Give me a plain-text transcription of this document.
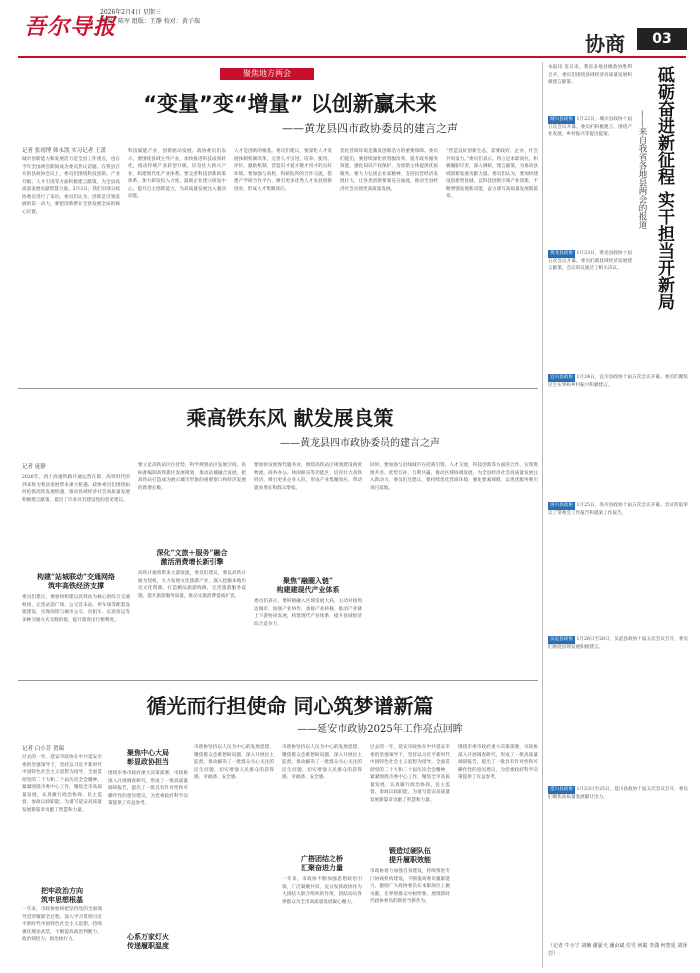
吾尔导报
2026年2月4日 星期三
责编：陈军 组版：王静 校对：黄子瑞
协商	03
聚焦地方两会
“变量”变“增量” 以创新赢未来
——黄龙县四市政协委员的建言之声
记者 张靖博 韩永凯 实习记者 王蔷
城市创新能力和发展活力是全县工作重点，也在今年全国两会期间成为委员热议话题。在我县召开的县政协会议上，委员们围绕科技创新、产业升级、人才引进等方面积极建言献策，为全县高质量发展贡献智慧力量。2月3日，我们对部分政协委员进行了采访。委员们认为，创新是引领发展的第一动力，要把创新摆在全县发展全局的核心位置。
科技赋能产业，创新驱动发展。政协委员们表示，要围绕县域主导产业，加快推进科技成果转化，推动传统产业转型升级，培育壮大新兴产业，构建现代化产业体系。要完善科技创新政策体系，加大研发投入力度，鼓励企业建立研发中心，提升自主创新能力，为高质量发展注入强劲动能。
人才是创新的根基。委员们建议，要深化人才发展体制机制改革，完善人才引进、培养、使用、评价、激励机制，营造识才爱才敬才用才的良好环境。要加强与高校、科研院所的合作交流，搭建产学研合作平台，吸引更多优秀人才来县创新创业，形成人才集聚效应。
优化营商环境是激发创新活力的重要保障。委员们提出，要持续深化放管服改革，提升政务服务效能，强化知识产权保护，为创新主体提供优质服务。要大力弘扬企业家精神，支持民营经济发展壮大，让各类创新要素充分涌流，推动全县经济社会实现更高质量发展。
“营造良好创新生态，需要政府、企业、社会共同发力。”委员们表示，将立足本职岗位，积极履职尽责，深入调研，建言献策，为推动县域创新发展贡献力量。委员们认为，要加快建设创新型县城，以科技创新引领产业创新，不断增强发展新动能，奋力谱写高质量发展新篇章。
乘高铁东风 献发展良策
——黄龙县四市政协委员的建言之声
记者 庞静
2026年，西十高速铁路开通运营在即，高铁时代的到来将为我县发展带来重大机遇。政协委员们围绕如何抢抓高铁发展机遇，推动县域经济社会高质量发展积极建言献策，提出了许多具有建设性的意见建议。
构建“站城联动”交通网络
筑牢高铁经济支撑
委员们建议，要加快构建以高铁站为核心的综合交通枢纽，完善站前广场、公交首末站、停车场等配套设施建设，实现高铁与城市公交、出租车、长途客运等多种交通方式无缝衔接，提升旅客出行便利度。
要立足高铁站区位优势，科学规划站区发展空间，高标准编制高铁新区发展规划，推动站城融合发展，把高铁站打造成为展示城市形象的重要窗口和经济发展的新增长极。
深化“文旅＋服务”融合
激活消费增长新引擎
高铁开通将带来大量客流，委员们建议，要以高铁开通为契机，大力发展文化旅游产业，深入挖掘本地历史文化资源，打造精品旅游线路，完善旅游服务设施，提升旅游服务质量，推动文旅消费提质扩容。
要加快发展现代服务业，围绕高铁站区规划建设商贸物流、商务办公、休闲娱乐等功能区，培育壮大高铁经济，吸引更多企业入驻，形成产业集聚效应，带动就业增长和群众增收。
聚焦“融圈入链”
构建建现代产业体系
委员们表示，要积极融入区域发展大局，主动对接周边城市，加强产业协作，承接产业转移，推动产业链上下游协同发展，构建现代产业体系，提升县域经济综合竞争力。
同时，要加强与沿线城市在招商引资、人才交流、科技创新等方面的合作，实现资源共享、优势互补、互利共赢，推动区域协调发展，为全县经济社会高质量发展注入新动力。委员们还建议，要持续优化营商环境，强化要素保障，以更优服务吸引项目落地。
循光而行担使命 同心筑梦谱新篇
——延安市政协2025年工作亮点回眸
记者 白小芳 贺瑞
过去的一年，延安市政协在中共延安市委的坚强领导下，坚持以习近平新时代中国特色社会主义思想为指导，全面贯彻党的二十大和二十届历次全会精神，紧紧围绕市委中心工作，聚焦全市高质量发展，认真履行政治协商、民主监督、参政议政职能，为谱写延安高质量发展新篇章贡献了智慧和力量。
把牢政治方向
筑牢思想根基
一年来，市政协始终把坚持党的全面领导贯穿履职全过程，深入学习贯彻习近平新时代中国特色社会主义思想，持续强化理论武装，不断提高政治判断力、政治领悟力、政治执行力。
聚焦中心大局
彰显政协担当
围绕市委市政府重大决策部署，市政协深入开展调查研究，形成了一批高质量调研报告，提出了一批具有针对性和可操作性的意见建议，为党委政府科学决策提供了有益参考。
心系万家灯火
传递履职温度
市政协坚持以人民为中心的发展思想，聚焦群众急难愁盼问题，深入开展民主监督，推动解决了一批群众关心关注的民生问题，切实增强人民群众的获得感、幸福感、安全感。
广搭团结之桥
汇聚奋进力量
市政协坚持以人民为中心的发展思想，聚焦群众急难愁盼问题，深入开展民主监督，推动解决了一批群众关心关注的民生问题，切实增强人民群众的获得感、幸福感、安全感。
一年来，市政协不断加强思想政治引领，广泛凝聚共识，充分发挥政协作为大团结大联合组织的作用，团结动员各界群众为全市高质量发展凝心聚力。
过去的一年，延安市政协在中共延安市委的坚强领导下，坚持以习近平新时代中国特色社会主义思想为指导，全面贯彻党的二十大和二十届历次全会精神，紧紧围绕市委中心工作，聚焦全市高质量发展，认真履行政治协商、民主监督、参政议政职能，为谱写延安高质量发展新篇章贡献了智慧和力量。
锻造过硬队伍
提升履职效能
市政协着力加强自身建设，持续推进专门协商机构建设，不断提高委员履职能力，激励广大政协委员在本职岗位上做贡献、在界别群众中树形象，展现新时代政协委员的新担当新作为。
围绕市委市政府重大决策部署，市政协深入开展调查研究，形成了一批高质量调研报告，提出了一批具有针对性和可操作性的意见建议，为党委政府科学决策提供了有益参考。
砥砺奋进新征程 实干担当开新局
——来自我省各地县两会的报道
本报讯 连日来，我省多地县级政协胜利召开，委员们围绕县域经济高质量发展积极建言献策。
城川县政协 1月22日，城川县政协十届五次会议开幕。委员们积极建言，围绕产业发展、乡村振兴等提出提案。
黄龙县政协 1月23日，黄龙县政协十届五次会议开幕。委员们就县域经济发展建言献策，会议审议通过了相关决议。
宜川县政协 1月24日，宜川县政协十届五次会议开幕。委员们聚焦民生实事和乡村振兴积极建言。
洛川县政协 1月25日，洛川县政协十届五次会议开幕。会议听取审议了常委会工作报告和提案工作报告。
吴起县政协 1月26日至28日，吴起县政协十届五次会议召开，委员们围绕县域发展积极建言。
延川县政协 1月23日至25日，延川县政协十届五次会议召开，委员们聚焦高质量发展献计出力。
（记者 牛小宁 刘楠 谢晏天 潘贞斌 任雪 何聪 李潇 何智星 刘泽岩）
